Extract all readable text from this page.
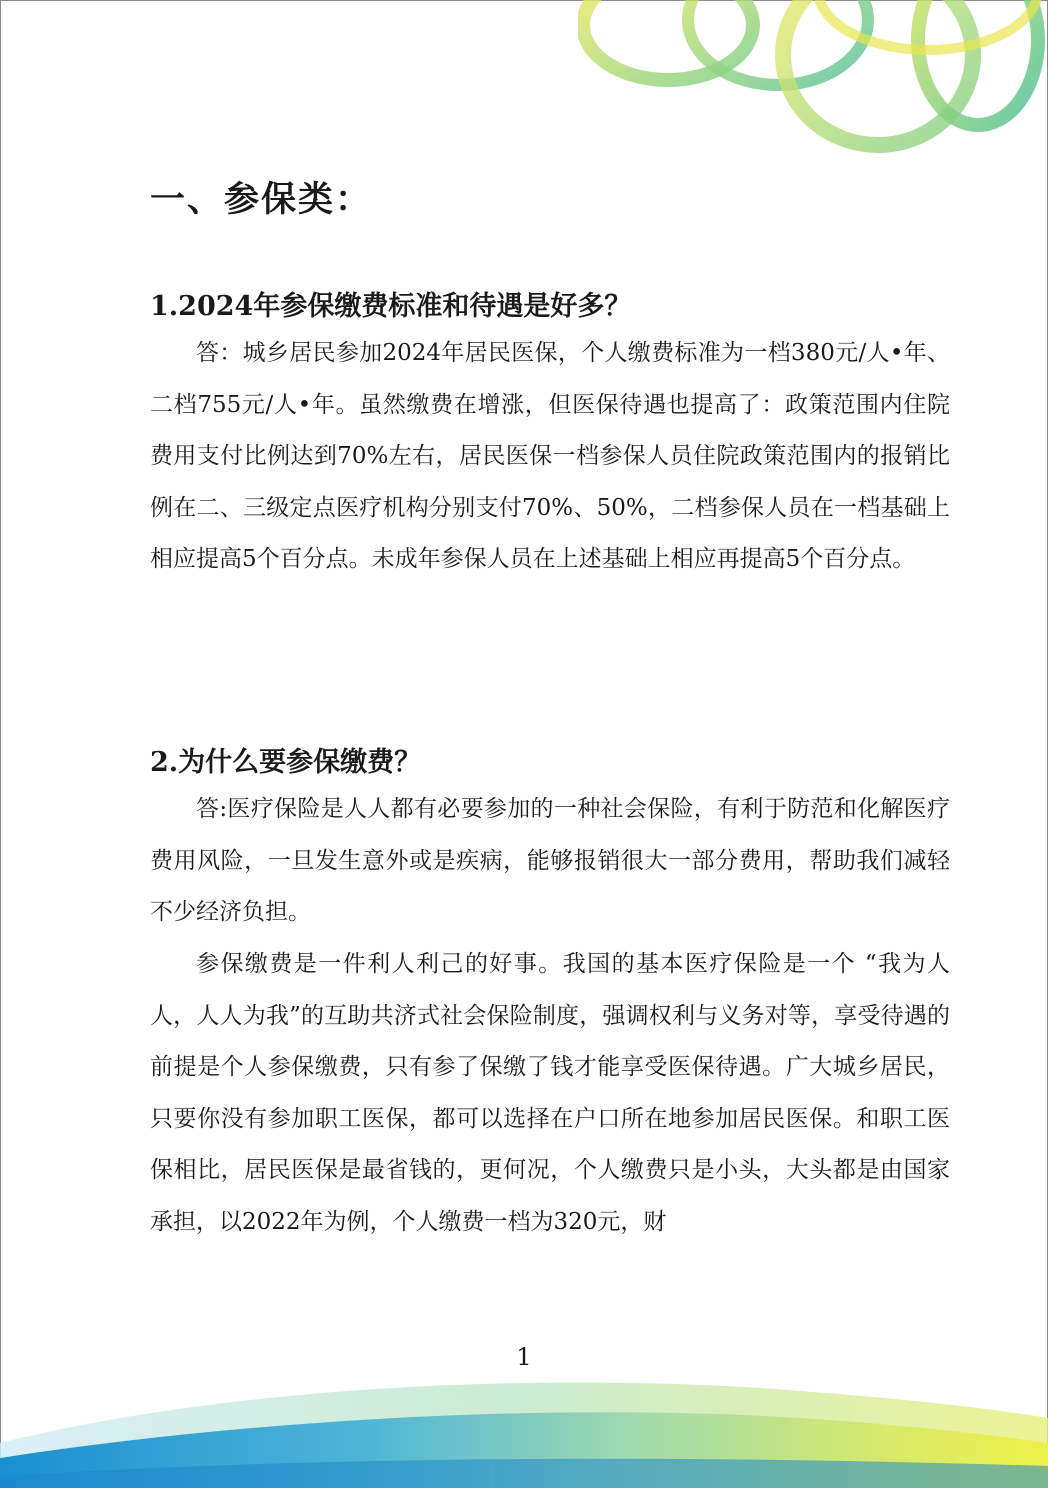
一、参保类：
1.2024年参保缴费标准和待遇是好多？

答：城乡居民参加2024年居民医保，个人缴费标准为一档380元/人•年、二档755元/人•年。虽然缴费在增涨，但医保待遇也提高了：政策范围内住院费用支付比例达到70%左右，居民医保一档参保人员住院政策范围内的报销比例在二、三级定点医疗机构分别支付70%、50%，二档参保人员在一档基础上相应提高5个百分点。未成年参保人员在上述基础上相应再提高5个百分点。

2.为什么要参保缴费？

答:医疗保险是人人都有必要参加的一种社会保险，有利于防范和化解医疗费用风险，一旦发生意外或是疾病，能够报销很大一部分费用，帮助我们减轻不少经济负担。

参保缴费是一件利人利己的好事。我国的基本医疗保险是一个 “我为人人，人人为我”的互助共济式社会保险制度，强调权利与义务对等，享受待遇的前提是个人参保缴费，只有参了保缴了钱才能享受医保待遇。广大城乡居民，只要你没有参加职工医保，都可以选择在户口所在地参加居民医保。和职工医保相比，居民医保是最省钱的，更何况，个人缴费只是小头，大头都是由国家承担，以2022年为例，个人缴费一档为320元，财

1
